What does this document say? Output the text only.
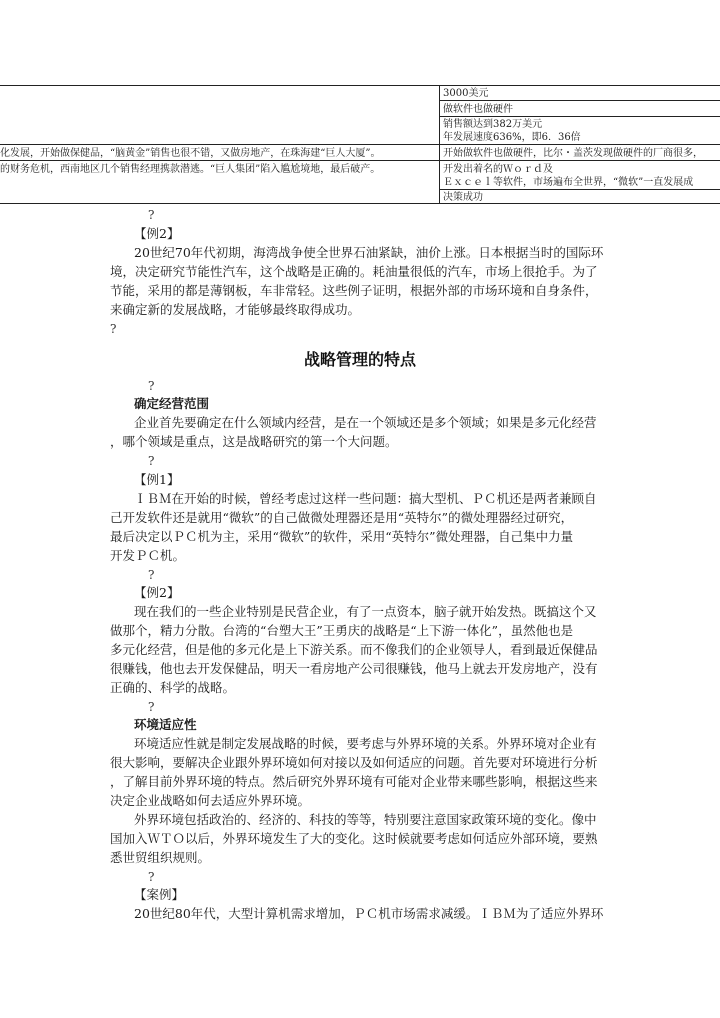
化发展，开始做保健品，“脑黄金”销售也很不错，又做房地产，在珠海建“巨人大厦”。
的财务危机，西南地区几个销售经理携款潜逃。“巨人集团”陷入尴尬境地，最后破产。
3000美元
做软件也做硬件
销售额达到382万美元
年发展速度636%，即6．36倍
开始做软件也做硬件，比尔・盖茨发现做硬件的厂商很多，
开发出着名的Ｗｏｒｄ及
Ｅｘｃｅｌ等软件，市场遍布全世界，“微软”一直发展成
决策成功
?
【例2】
20世纪70年代初期，海湾战争使全世界石油紧缺，油价上涨。日本根据当时的国际环
境，决定研究节能性汽车，这个战略是正确的。耗油量很低的汽车，市场上很抢手。为了
节能，采用的都是薄钢板，车非常轻。这些例子证明，根据外部的市场环境和自身条件，
来确定新的发展战略，才能够最终取得成功。
?
战略管理的特点
?
确定经营范围
企业首先要确定在什么领域内经营，是在一个领域还是多个领域；如果是多元化经营
，哪个领域是重点，这是战略研究的第一个大问题。
?
【例1】
ＩＢＭ在开始的时候，曾经考虑过这样一些问题：搞大型机、ＰＣ机还是两者兼顾自
己开发软件还是就用“微软”的自己做微处理器还是用“英特尔”的微处理器经过研究，
最后决定以ＰＣ机为主，采用“微软”的软件，采用“英特尔”微处理器，自己集中力量
开发ＰＣ机。
?
【例2】
现在我们的一些企业特别是民营企业，有了一点资本，脑子就开始发热。既搞这个又
做那个，精力分散。台湾的“台塑大王”王勇庆的战略是“上下游一体化”，虽然他也是
多元化经营，但是他的多元化是上下游关系。而不像我们的企业领导人，看到最近保健品
很赚钱，他也去开发保健品，明天一看房地产公司很赚钱，他马上就去开发房地产，没有
正确的、科学的战略。
?
环境适应性
环境适应性就是制定发展战略的时候，要考虑与外界环境的关系。外界环境对企业有
很大影响，要解决企业跟外界环境如何对接以及如何适应的问题。首先要对环境进行分析
，了解目前外界环境的特点。然后研究外界环境有可能对企业带来哪些影响，根据这些来
决定企业战略如何去适应外界环境。
外界环境包括政治的、经济的、科技的等等，特别要注意国家政策环境的变化。像中
国加入ＷＴＯ以后，外界环境发生了大的变化。这时候就要考虑如何适应外部环境，要熟
悉世贸组织规则。
?
【案例】
20世纪80年代，大型计算机需求增加，ＰＣ机市场需求减缓。ＩＢＭ为了适应外界环
